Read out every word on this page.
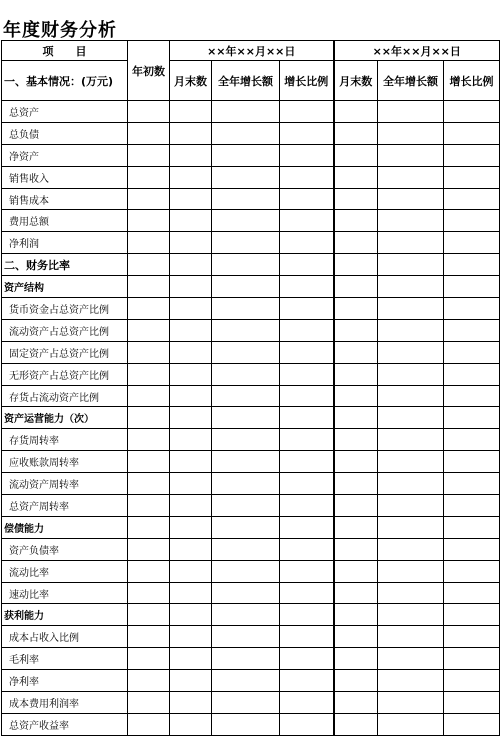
年度财务分析
项　　目	年初数	××年××月××日			××年××月××日		
一、基本情况：(万元)		月末数	全年增长额	增长比例	月末数	全年增长额	增长比例
总资产							
总负债							
净资产							
销售收入							
销售成本							
费用总额							
净利润							
二、财务比率							
资产结构							
货币资金占总资产比例							
流动资产占总资产比例							
固定资产占总资产比例							
无形资产占总资产比例							
存货占流动资产比例							
资产运营能力（次）							
存货周转率							
应收账款周转率							
流动资产周转率							
总资产周转率							
偿债能力							
资产负债率							
流动比率							
速动比率							
获利能力							
成本占收入比例							
毛利率							
净利率							
成本费用利润率							
总资产收益率							
